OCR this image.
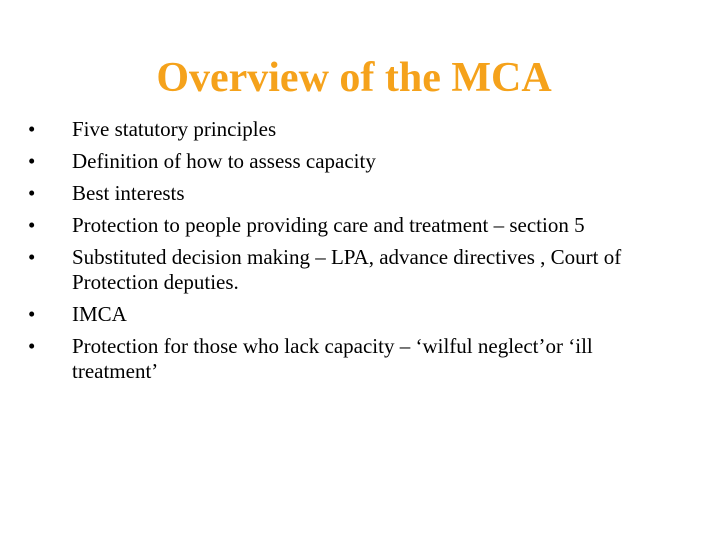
Overview of the MCA
•	Five statutory principles
•	Definition of how to assess capacity
•	Best interests
•	Protection to people providing care and treatment – section 5
•	Substituted decision making – LPA, advance directives , Court of Protection deputies.
•	IMCA
•	Protection for those who lack capacity – ‘wilful neglect’or ‘ill treatment’
